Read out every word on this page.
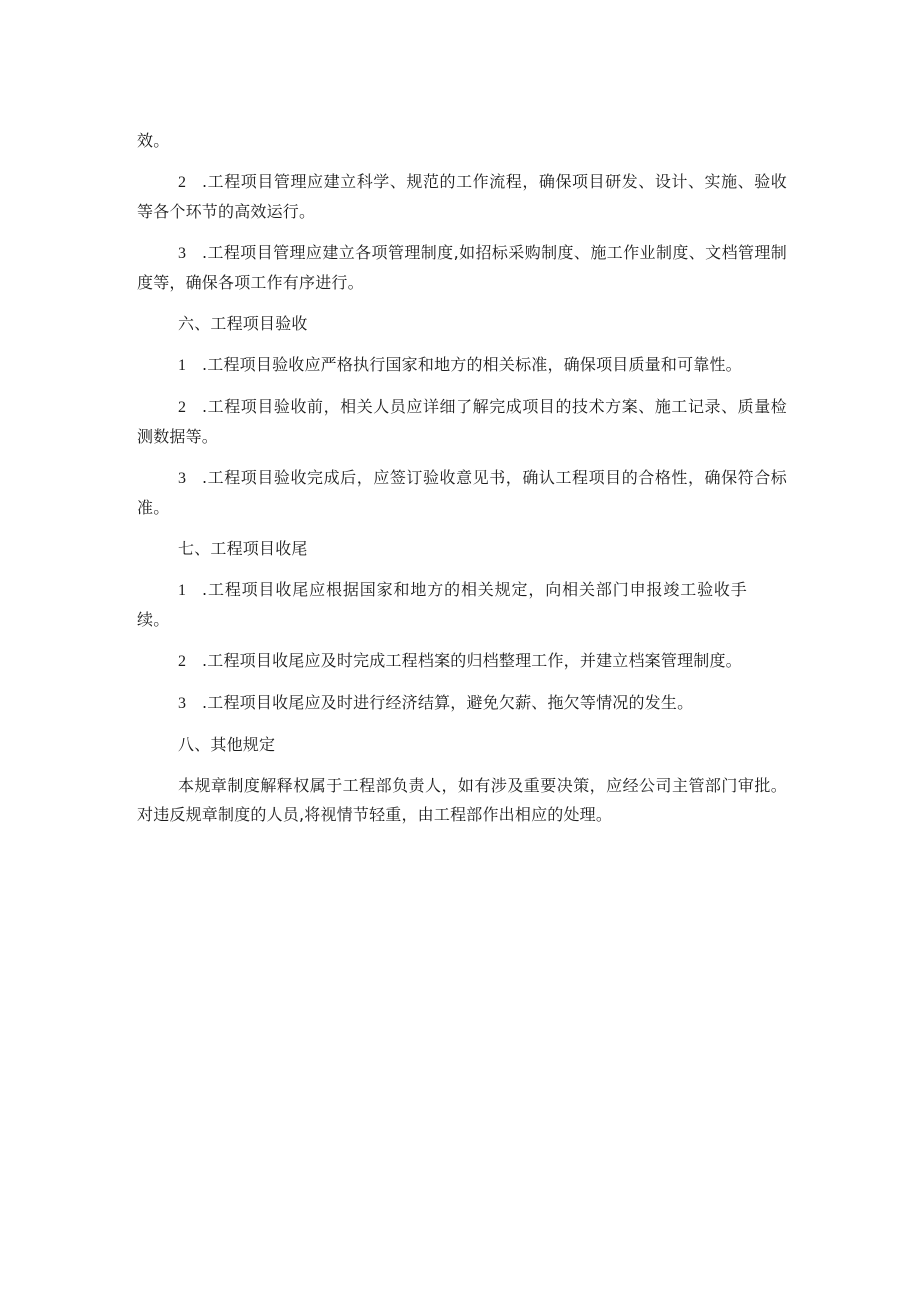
效。

2 .工程项目管理应建立科学、规范的工作流程，确保项目研发、设计、实施、验收等各个环节的高效运行。

3 .工程项目管理应建立各项管理制度,如招标采购制度、施工作业制度、文档管理制度等，确保各项工作有序进行。

六、工程项目验收

1 .工程项目验收应严格执行国家和地方的相关标准，确保项目质量和可靠性。

2 .工程项目验收前，相关人员应详细了解完成项目的技术方案、施工记录、质量检测数据等。

3 .工程项目验收完成后，应签订验收意见书，确认工程项目的合格性，确保符合标准。

七、工程项目收尾

1 .工程项目收尾应根据国家和地方的相关规定，向相关部门申报竣工验收手续。

2 .工程项目收尾应及时完成工程档案的归档整理工作，并建立档案管理制度。

3 .工程项目收尾应及时进行经济结算，避免欠薪、拖欠等情况的发生。

八、其他规定

本规章制度解释权属于工程部负责人，如有涉及重要决策，应经公司主管部门审批。对违反规章制度的人员,将视情节轻重，由工程部作出相应的处理。
